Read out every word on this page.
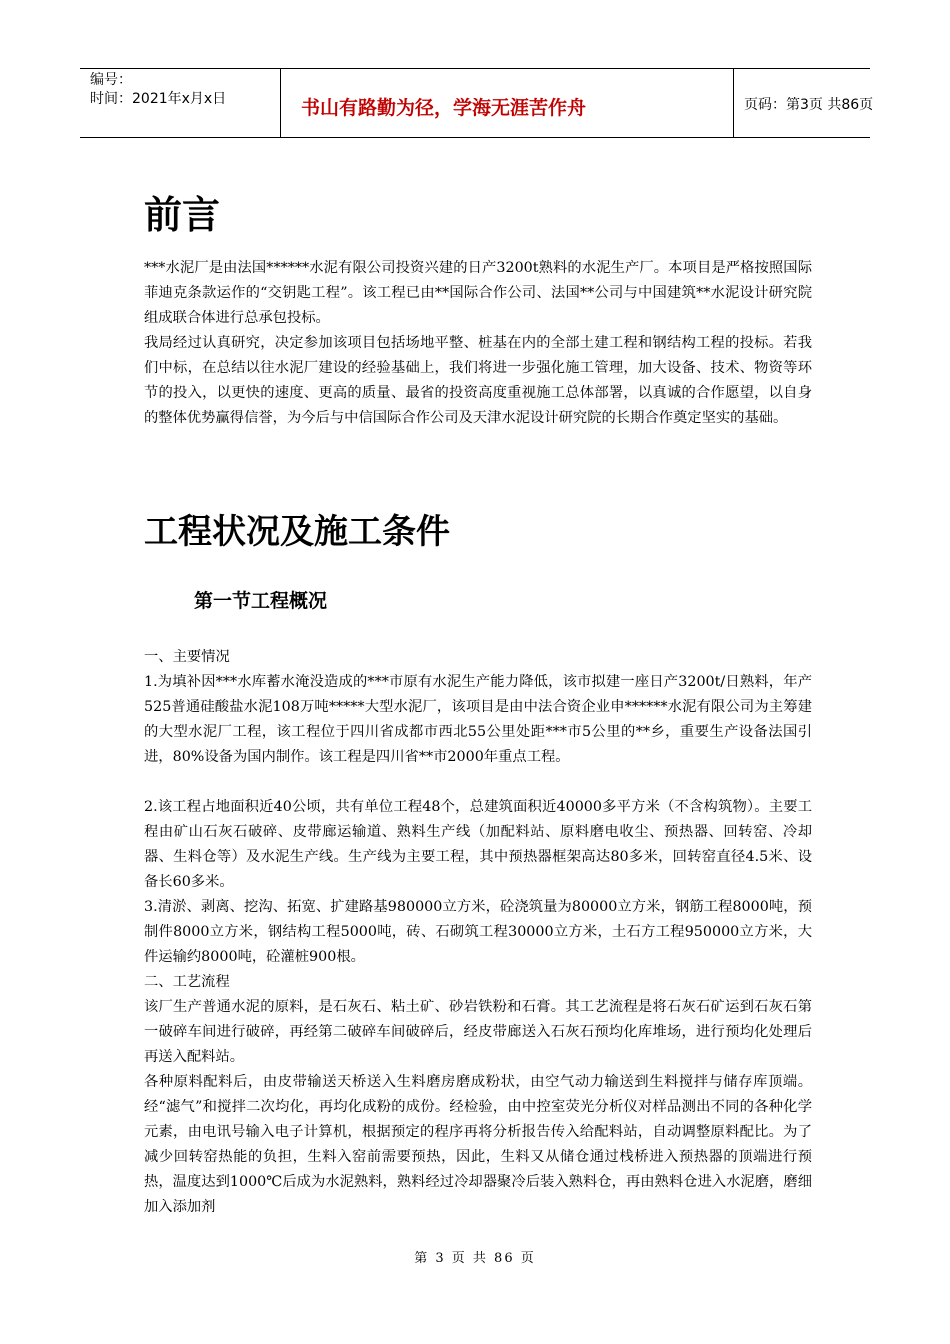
编号：
时间：2021年x月x日	书山有路勤为径，学海无涯苦作舟	页码：第3页 共86页
前言

***水泥厂是由法国******水泥有限公司投资兴建的日产3200t熟料的水泥生产厂。本项目是严格按照国际菲迪克条款运作的“交钥匙工程”。该工程已由**国际合作公司、法国**公司与中国建筑**水泥设计研究院组成联合体进行总承包投标。

我局经过认真研究，决定参加该项目包括场地平整、桩基在内的全部土建工程和钢结构工程的投标。若我们中标，在总结以往水泥厂建设的经验基础上，我们将进一步强化施工管理，加大设备、技术、物资等环节的投入，以更快的速度、更高的质量、最省的投资高度重视施工总体部署，以真诚的合作愿望，以自身的整体优势赢得信誉，为今后与中信国际合作公司及天津水泥设计研究院的长期合作奠定坚实的基础。

工程状况及施工条件
第一节工程概况

一、主要情况

1.为填补因***水库蓄水淹没造成的***市原有水泥生产能力降低，该市拟建一座日产3200t/日熟料，年产525普通硅酸盐水泥108万吨*****大型水泥厂，该项目是由中法合资企业申******水泥有限公司为主筹建的大型水泥厂工程，该工程位于四川省成都市西北55公里处距***市5公里的**乡，重要生产设备法国引进，80%设备为国内制作。该工程是四川省**市2000年重点工程。

2.该工程占地面积近40公顷，共有单位工程48个，总建筑面积近40000多平方米（不含构筑物）。主要工程由矿山石灰石破碎、皮带廊运输道、熟料生产线（加配料站、原料磨电收尘、预热器、回转窑、冷却器、生料仓等）及水泥生产线。生产线为主要工程，其中预热器框架高达80多米，回转窑直径4.5米、设备长60多米。

3.清淤、剥离、挖沟、拓宽、扩建路基980000立方米，砼浇筑量为80000立方米，钢筋工程8000吨，预制件8000立方米，钢结构工程5000吨，砖、石砌筑工程30000立方米，土石方工程950000立方米，大件运输约8000吨，砼灌桩900根。

二、工艺流程

该厂生产普通水泥的原料，是石灰石、粘土矿、砂岩铁粉和石膏。其工艺流程是将石灰石矿运到石灰石第一破碎车间进行破碎，再经第二破碎车间破碎后，经皮带廊送入石灰石预均化库堆场，进行预均化处理后再送入配料站。

各种原料配料后，由皮带输送天桥送入生料磨房磨成粉状，由空气动力输送到生料搅拌与储存库顶端。经“滤气”和搅拌二次均化，再均化成粉的成份。经检验，由中控室荧光分析仪对样品测出不同的各种化学元素，由电讯号输入电子计算机，根据预定的程序再将分析报告传入给配料站，自动调整原料配比。为了减少回转窑热能的负担，生料入窑前需要预热，因此，生料又从储仓通过栈桥进入预热器的顶端进行预热，温度达到1000℃后成为水泥熟料，熟料经过冷却器聚冷后装入熟料仓，再由熟料仓进入水泥磨，磨细加入添加剂

第 3 页 共 86 页
